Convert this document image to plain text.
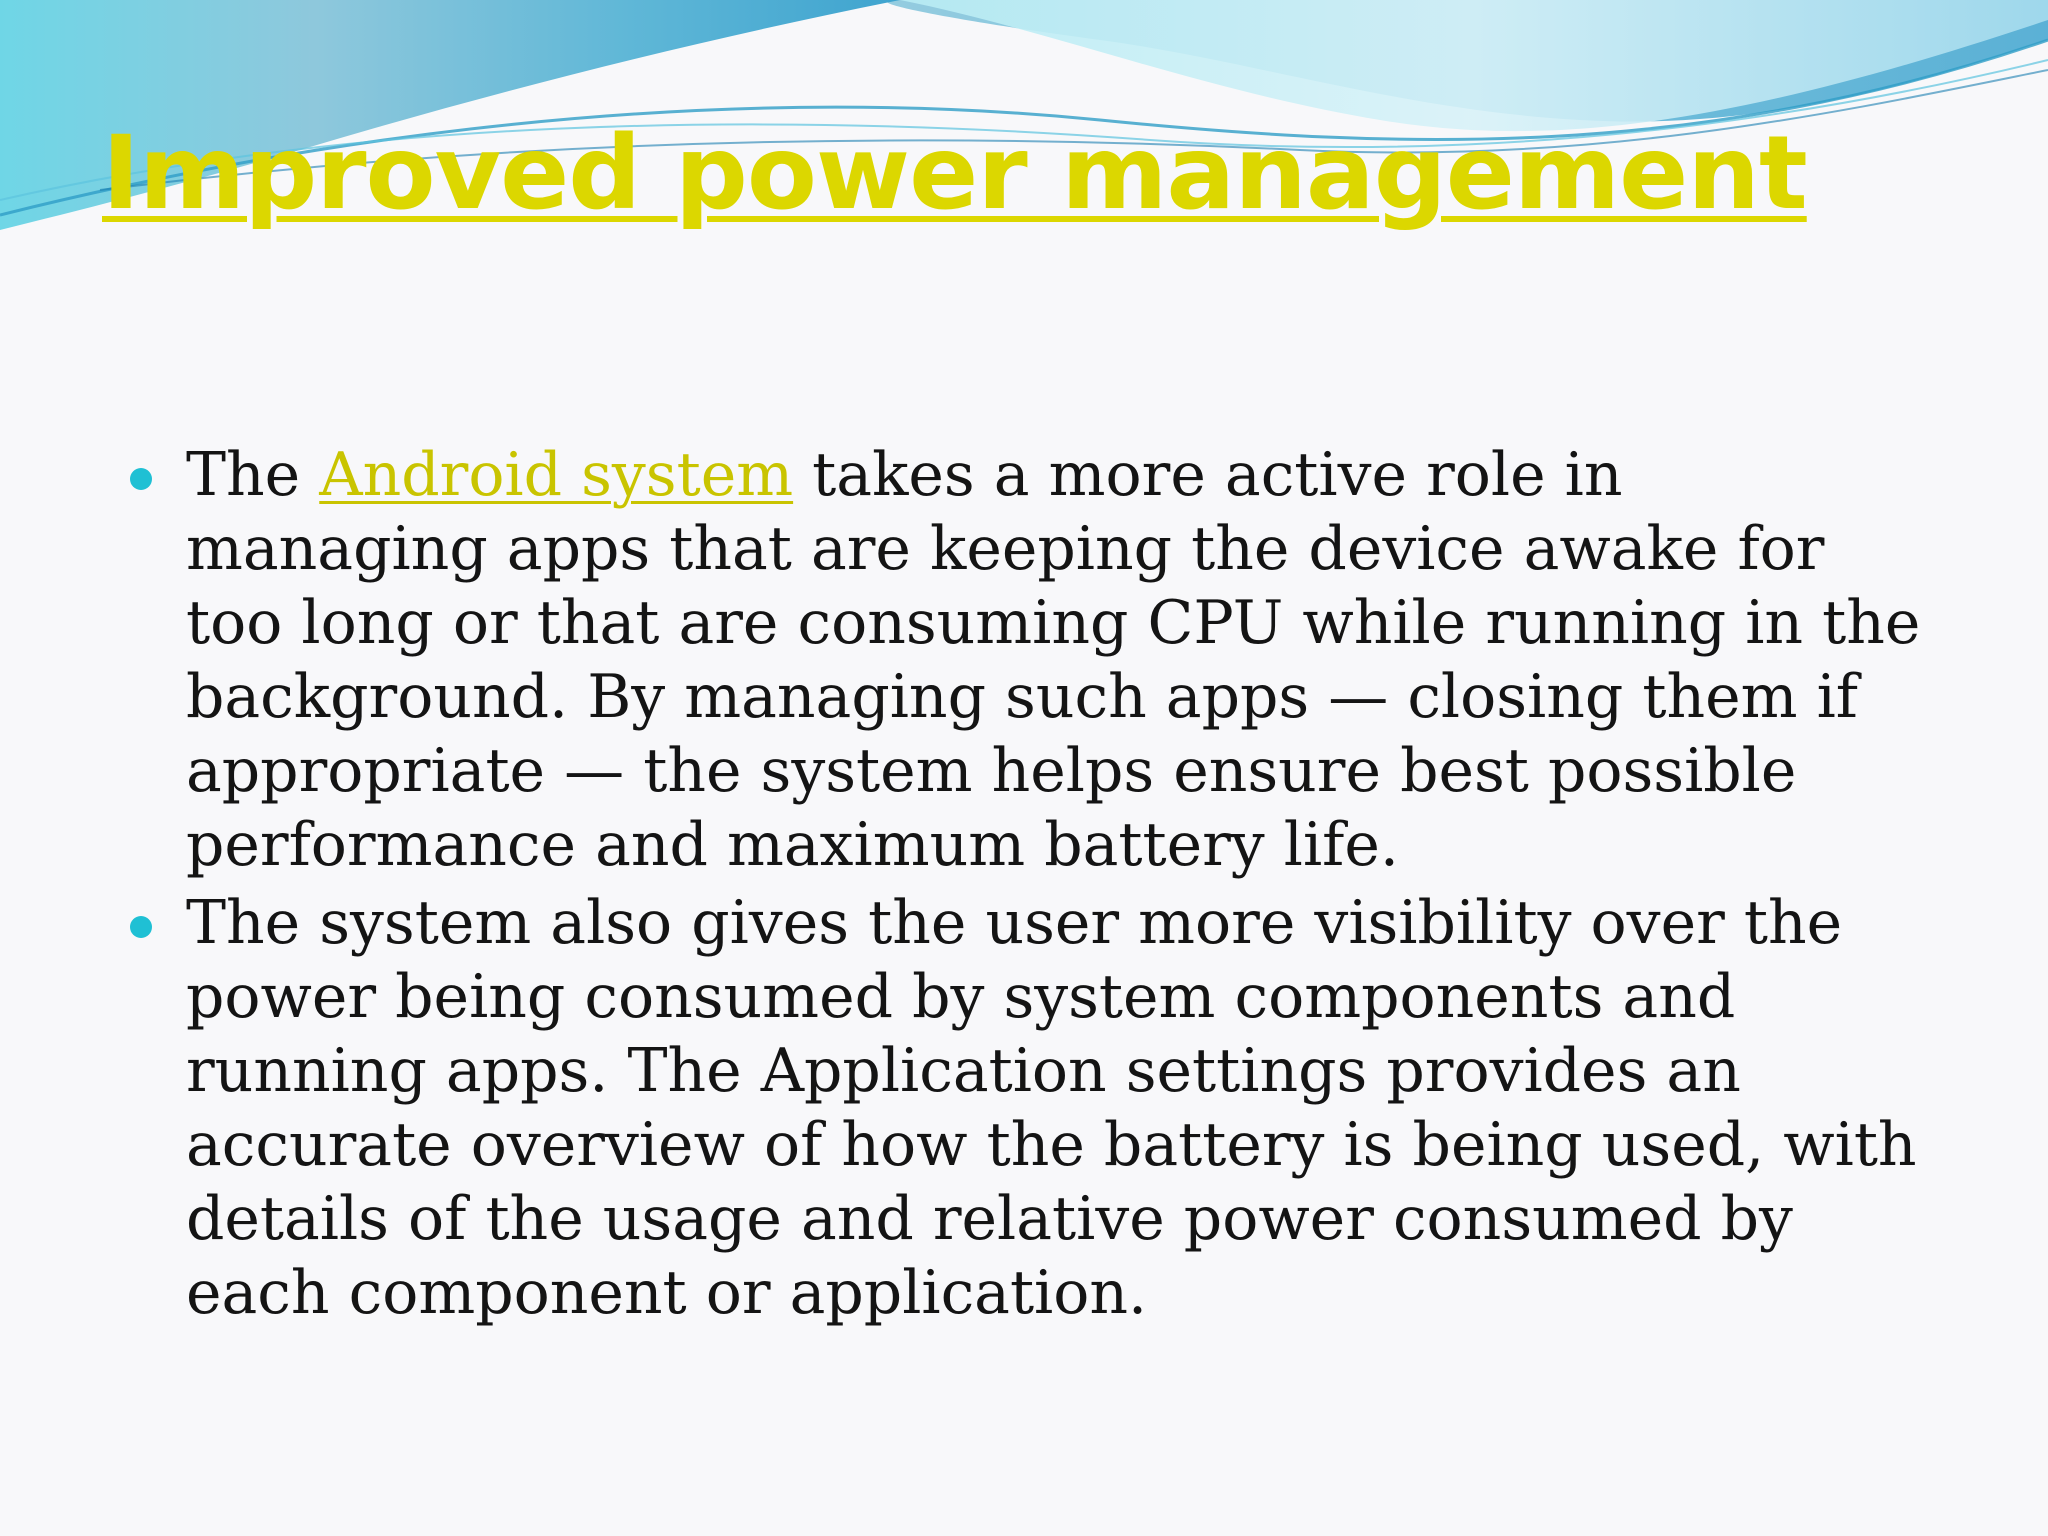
Improved power management
The Android system takes a more active role in managing apps that are keeping the device awake for too long or that are consuming CPU while running in the background. By managing such apps — closing them if appropriate — the system helps ensure best possible performance and maximum battery life.
The system also gives the user more visibility over the power being consumed by system components and running apps. The Application settings provides an accurate overview of how the battery is being used, with details of the usage and relative power consumed by each component or application.
